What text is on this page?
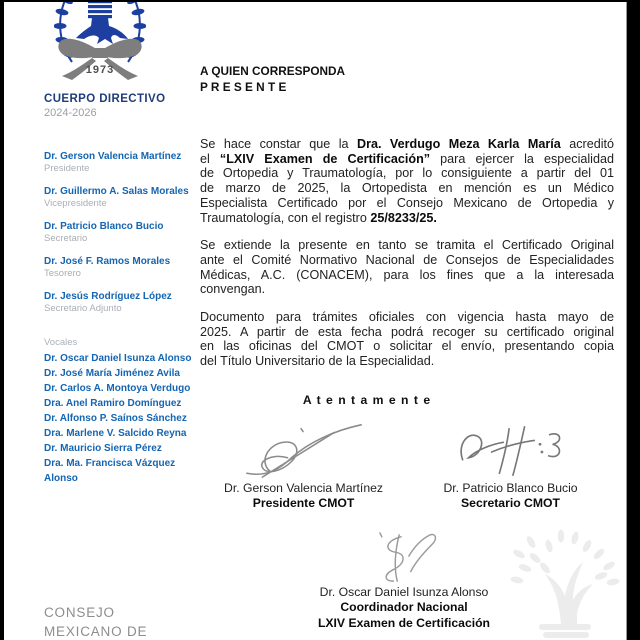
1973
CUERPO DIRECTIVO
2024-2026
Dr. Gerson Valencia Martínez
Presidente
Dr. Guillermo A. Salas Morales
Vicepresidente
Dr. Patricio Blanco Bucio
Secretario
Dr. José F. Ramos Morales
Tesorero
Dr. Jesús Rodríguez López
Secretario Adjunto
Vocales
Dr. Oscar Daniel Isunza Alonso
Dr. José María Jiménez Avila
Dr. Carlos A. Montoya Verdugo
Dra. Anel Ramiro Domínguez
Dr. Alfonso P. Saínos Sánchez
Dra. Marlene V. Salcido Reyna
Dr. Mauricio Sierra Pérez
Dra. Ma. Francisca Vázquez Alonso
CONSEJO
MEXICANO DE
A QUIEN CORRESPONDA
P R E S E N T E
Se hace constar que la Dra. Verdugo Meza Karla María acreditó
el “LXIV Examen de Certificación” para ejercer la especialidad
de Ortopedia y Traumatología, por lo consiguiente a partir del 01
de marzo de 2025, la Ortopedista en mención es un Médico
Especialista Certificado por el Consejo Mexicano de Ortopedia y
Traumatología, con el registro 25/8233/25.
Se extiende la presente en tanto se tramita el Certificado Original
ante el Comité Normativo Nacional de Consejos de Especialidades
Médicas, A.C. (CONACEM), para los fines que a la interesada
convengan.
Documento para trámites oficiales con vigencia hasta mayo de
2025. A partir de esta fecha podrá recoger su certificado original
en las oficinas del CMOT o solicitar el envío, presentando copia
del Título Universitario de la Especialidad.
A t e n t a m e n t e
Dr. Gerson Valencia Martínez
Presidente CMOT
Dr. Patricio Blanco Bucio
Secretario CMOT
Dr. Oscar Daniel Isunza Alonso
Coordinador Nacional
LXIV Examen de Certificación
